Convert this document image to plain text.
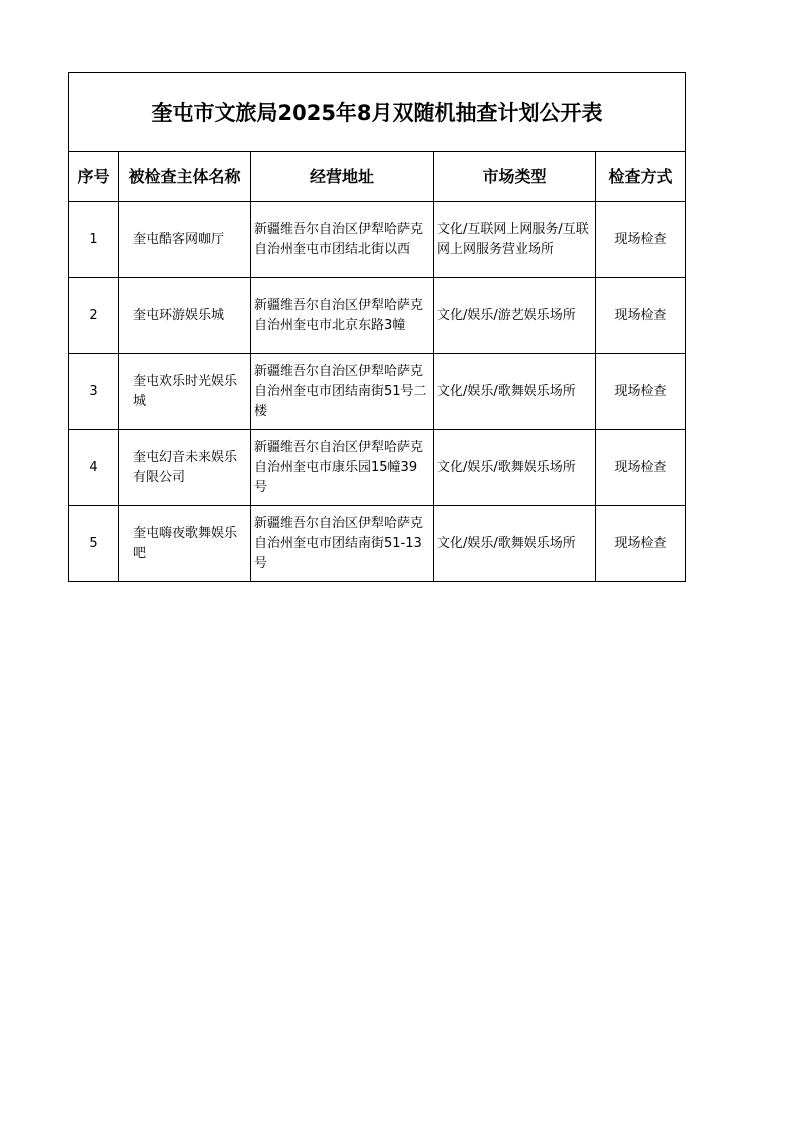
奎屯市文旅局2025年8月双随机抽查计划公开表				
序号	被检查主体名称	经营地址	市场类型	检查方式
1	奎屯酷客网咖厅	新疆维吾尔自治区伊犁哈萨克自治州奎屯市团结北街以西	文化/互联网上网服务/互联网上网服务营业场所	现场检查
2	奎屯环游娱乐城	新疆维吾尔自治区伊犁哈萨克自治州奎屯市北京东路3幢	文化/娱乐/游艺娱乐场所	现场检查
3	奎屯欢乐时光娱乐城	新疆维吾尔自治区伊犁哈萨克自治州奎屯市团结南街51号二楼	文化/娱乐/歌舞娱乐场所	现场检查
4	奎屯幻音未来娱乐有限公司	新疆维吾尔自治区伊犁哈萨克自治州奎屯市康乐园15幢39号	文化/娱乐/歌舞娱乐场所	现场检查
5	奎屯嗨夜歌舞娱乐吧	新疆维吾尔自治区伊犁哈萨克自治州奎屯市团结南街51-13号	文化/娱乐/歌舞娱乐场所	现场检查
